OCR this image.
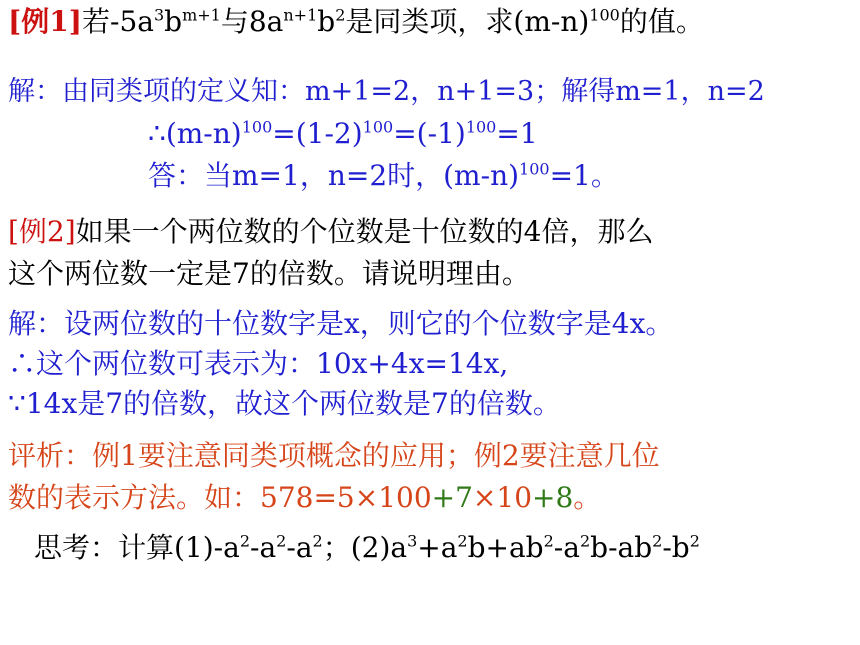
[例1]若$-5a^3b^{m+1}$与$8a^{n+1}b^2$是同类项，求$(m-n)^{100}$的值。
解：由同类项的定义知：m+1=2，n+1=3；解得m=1，n=2
$\therefore(m-n)^{100}=(1-2)^{100}=(-1)^{100}=1$
答：当m=1，n=2时，$(m-n)^{100}=1$。
[例2]如果一个两位数的个位数是十位数的4倍，那么
这个两位数一定是7的倍数。请说明理由。
解：设两位数的十位数字是x，则它的个位数字是4x。
∴这个两位数可表示为：10x+4x=14x,
∵14x是7的倍数，故这个两位数是7的倍数。
评析：例1要注意同类项概念的应用；例2要注意几位
数的表示方法。如：578=5×100+7×10+8。
思考：计算$(1)-a^2-a^2-a^2$；$(2)a^3+a^2b+ab^2-a^2b-ab^2-b^2$
